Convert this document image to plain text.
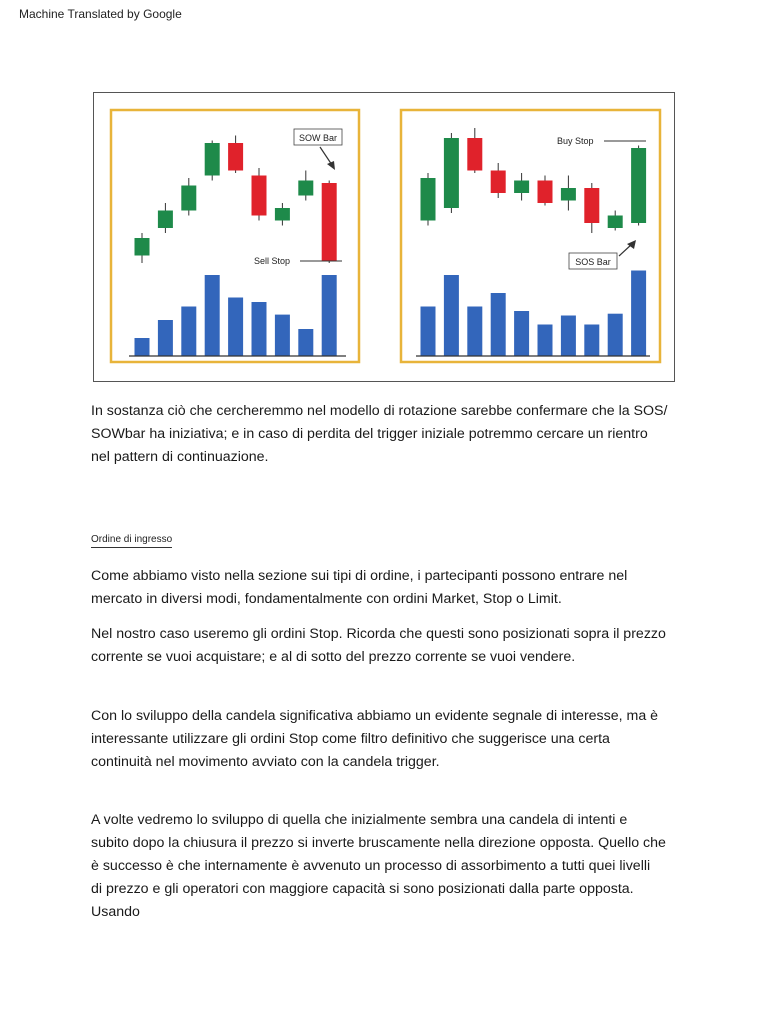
Machine Translated by Google
SOW Bar
Sell Stop
Buy Stop
SOS Bar
In sostanza ciò che cercheremmo nel modello di rotazione sarebbe confermare che la SOS/
SOWbar ha iniziativa; e in caso di perdita del trigger iniziale potremmo cercare un rientro
nel pattern di continuazione.
Ordine di ingresso
Come abbiamo visto nella sezione sui tipi di ordine, i partecipanti possono entrare nel
mercato in diversi modi, fondamentalmente con ordini Market, Stop o Limit.
Nel nostro caso useremo gli ordini Stop. Ricorda che questi sono posizionati sopra il prezzo
corrente se vuoi acquistare; e al di sotto del prezzo corrente se vuoi vendere.
Con lo sviluppo della candela significativa abbiamo un evidente segnale di interesse, ma è
interessante utilizzare gli ordini Stop come filtro definitivo che suggerisce una certa
continuità nel movimento avviato con la candela trigger.
A volte vedremo lo sviluppo di quella che inizialmente sembra una candela di intenti e
subito dopo la chiusura il prezzo si inverte bruscamente nella direzione opposta. Quello che
è successo è che internamente è avvenuto un processo di assorbimento a tutti quei livelli
di prezzo e gli operatori con maggiore capacità si sono posizionati dalla parte opposta.
Usando
